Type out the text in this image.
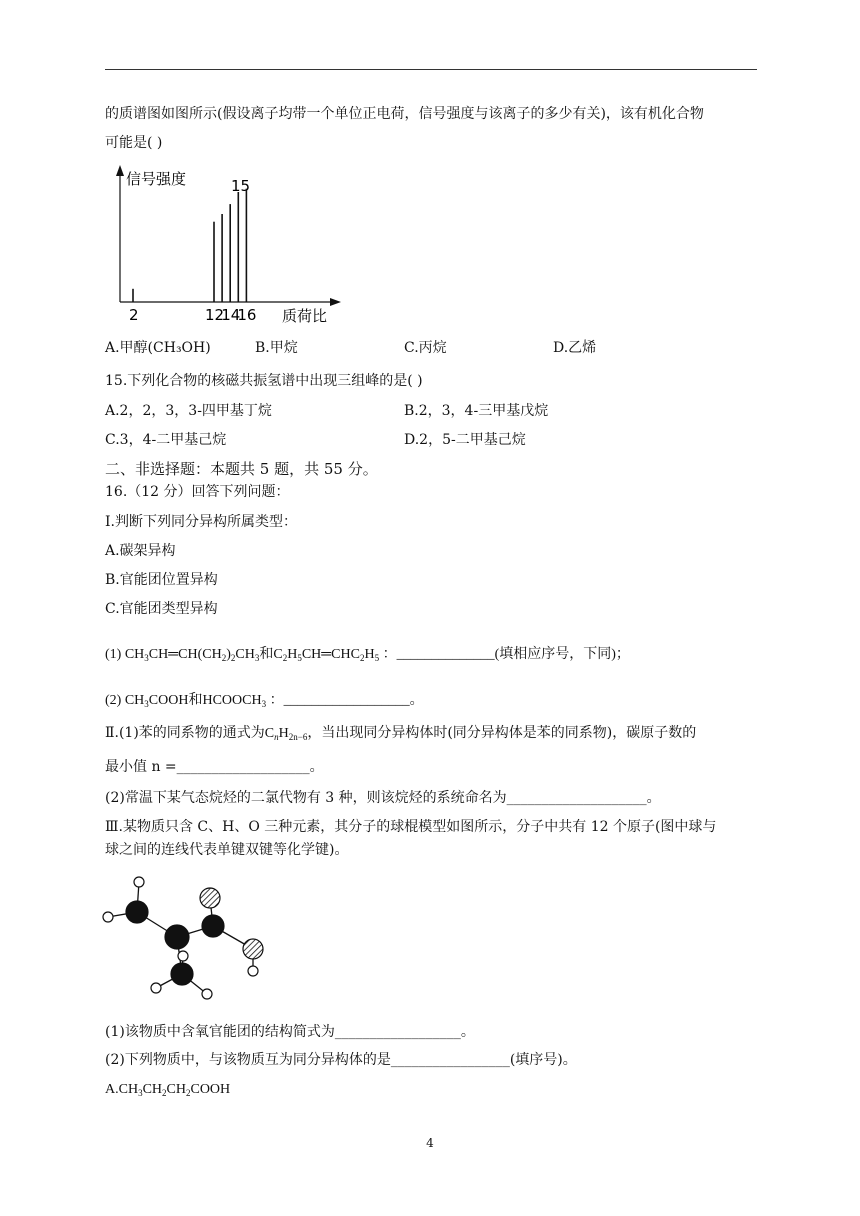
的质谱图如图所示(假设离子均带一个单位正电荷，信号强度与该离子的多少有关)，该有机化合物
可能是( )
信号强度
质荷比
15
2	12
14
16
A.甲醇(CH₃OH)	B.甲烷	C.丙烷	D.乙烯
15.下列化合物的核磁共振氢谱中出现三组峰的是( )
A.2，2，3，3-四甲基丁烷	B.2，3，4-三甲基戊烷
C.3，4-二甲基己烷	D.2，5-二甲基己烷
二、非选择题：本题共 5 题，共 55 分。
16.（12 分）回答下列问题：
Ⅰ.判断下列同分异构所属类型：
A.碳架异构
B.官能团位置异构
C.官能团类型异构
(1) $CH_3CH═CH(CH_2)_2CH_3$和$C_2H_5CH═CHC_2H_5$ ：______________(填相应序号，下同)；
(2) $CH_3COOH$和$HCOOCH_3$ ：__________________。
Ⅱ.(1)苯的同系物的通式为$C_nH_{2n-6}$，当出现同分异构体时(同分异构体是苯的同系物)，碳原子数的
最小值 n =___________________。
(2)常温下某气态烷烃的二氯代物有 3 种，则该烷烃的系统命名为____________________。
Ⅲ.某物质只含 C、H、O 三种元素，其分子的球棍模型如图所示，分子中共有 12 个原子(图中球与
球之间的连线代表单键双键等化学键)。
(1)该物质中含氧官能团的结构简式为__________________。
(2)下列物质中，与该物质互为同分异构体的是_________________(填序号)。
$A.CH_3CH_2CH_2COOH$
4
